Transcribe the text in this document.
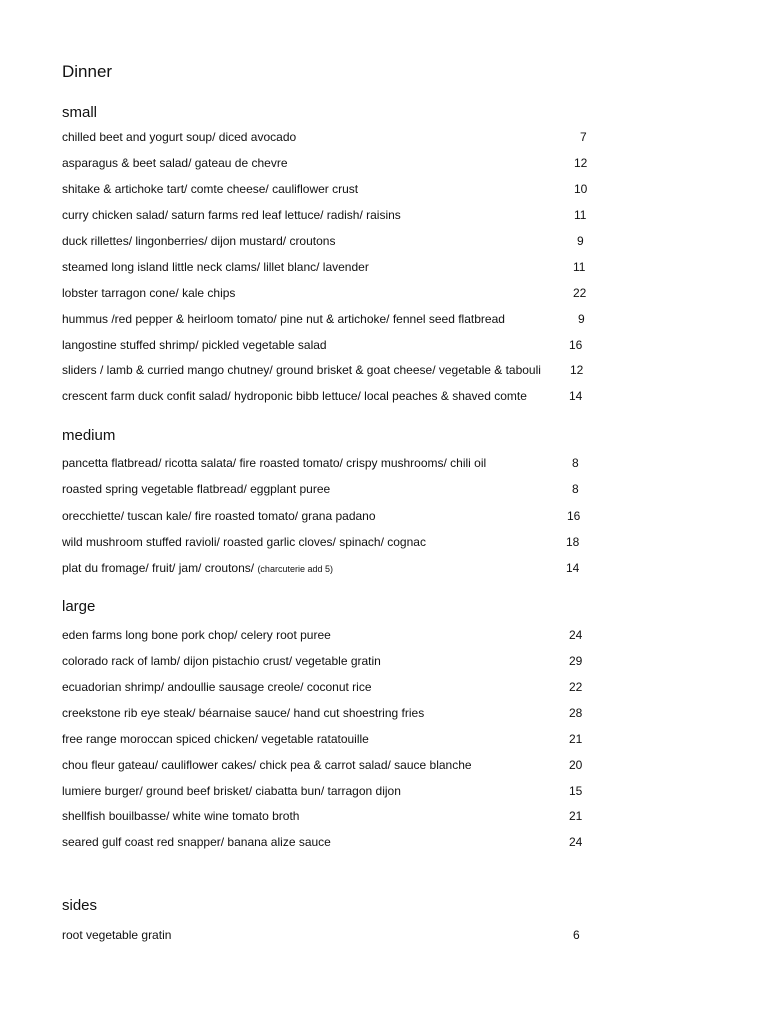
Dinner
small
chilled beet and yogurt soup/ diced avocado	7
asparagus & beet salad/ gateau de chevre	12
shitake & artichoke tart/ comte cheese/ cauliflower crust	10
curry chicken salad/ saturn farms red leaf lettuce/ radish/ raisins	11
duck rillettes/ lingonberries/ dijon mustard/ croutons	9
steamed long island little neck clams/ lillet blanc/ lavender	11
lobster tarragon cone/ kale chips	22
hummus /red pepper & heirloom tomato/ pine nut & artichoke/ fennel seed flatbread	9
langostine stuffed shrimp/ pickled vegetable salad	16
sliders / lamb & curried mango chutney/ ground brisket & goat cheese/ vegetable & tabouli 12
crescent farm duck confit salad/ hydroponic bibb lettuce/ local peaches & shaved comte	14
medium
pancetta flatbread/ ricotta salata/ fire roasted tomato/ crispy mushrooms/ chili oil	8
roasted spring vegetable flatbread/ eggplant puree	8
orecchiette/ tuscan kale/ fire roasted tomato/ grana padano	16
wild mushroom stuffed ravioli/ roasted garlic cloves/ spinach/ cognac	18
plat du fromage/ fruit/ jam/ croutons/ (charcuterie add 5)	14
large
eden farms long bone pork chop/ celery root puree	24
colorado rack of lamb/ dijon pistachio crust/ vegetable gratin	29
ecuadorian shrimp/ andoullie sausage creole/ coconut rice	22
creekstone rib eye steak/ béarnaise sauce/ hand cut shoestring fries	28
free range moroccan spiced chicken/ vegetable ratatouille	21
chou fleur gateau/ cauliflower cakes/ chick pea & carrot salad/ sauce blanche	20
lumiere burger/ ground beef brisket/ ciabatta bun/ tarragon dijon	15
shellfish bouilbasse/ white wine tomato broth	21
seared gulf coast red snapper/ banana alize sauce	24
sides
root vegetable gratin	6
